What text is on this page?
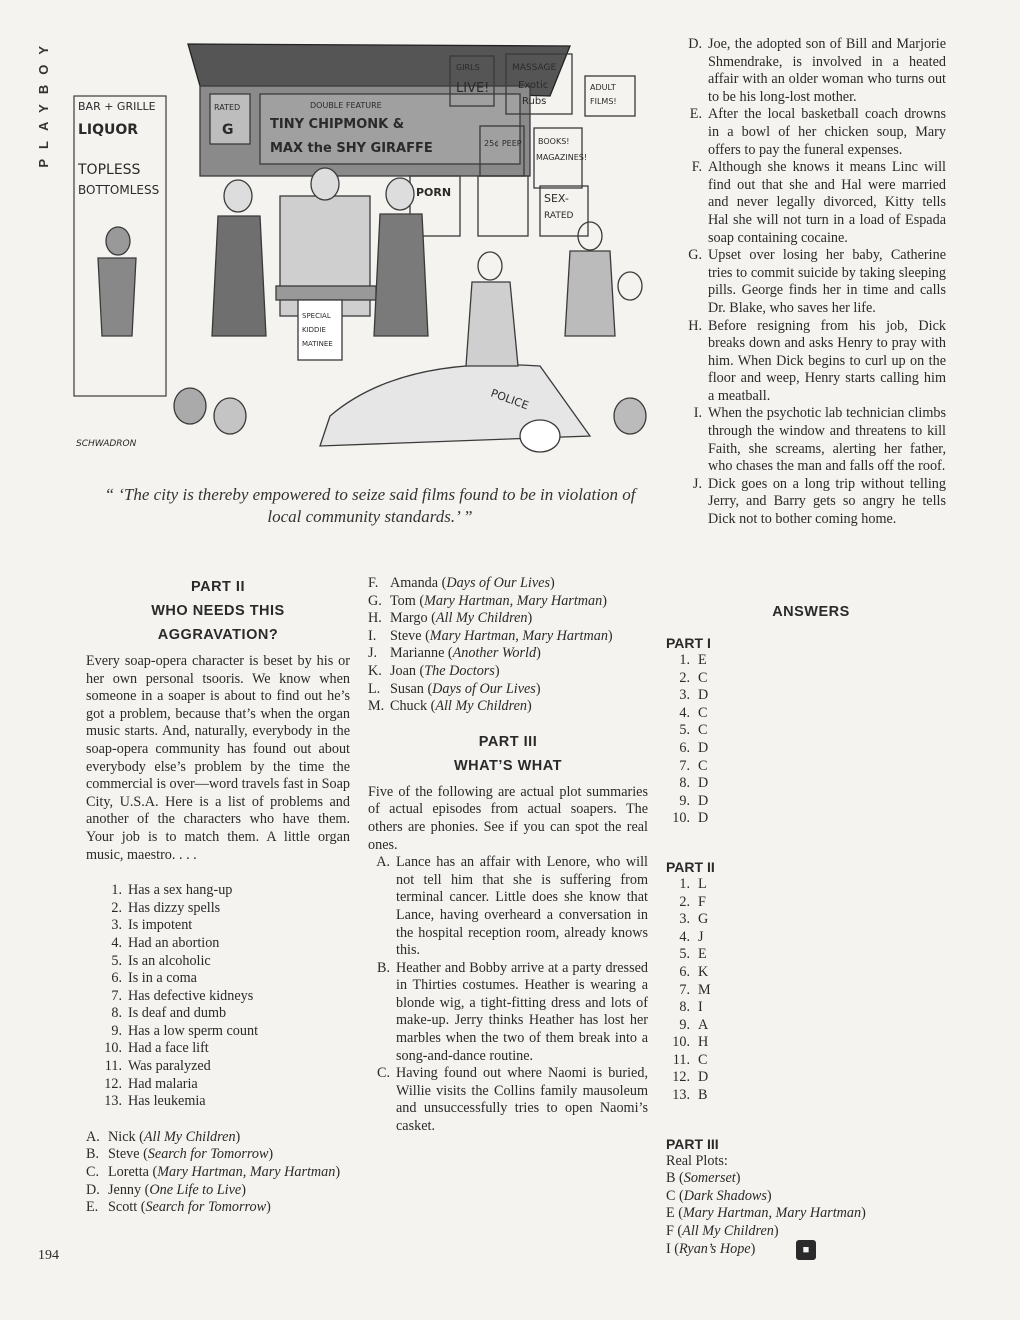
PLAYBOY	BAR + GRILLE
LIQUOR
TOPLESS
BOTTOMLESS
RATED
G
DOUBLE FEATURE
TINY CHIPMONK &
MAX the SHY GIRAFFE
GIRLS
LIVE!
MASSAGE
Exotic
Rubs
ADULT
FILMS!
25¢ PEEP BOOKS!
MAGAZINES!
PORN	SEX-
RATED
SPECIAL
KIDDIE
MATINEE
POLICE
SCHWADRON
“ ‘The city is thereby empowered to seize said films found to be in violation of local community standards.’ ”
PART II
WHO NEEDS THIS
AGGRAVATION?

Every soap-opera character is beset by his or her own personal tsooris. We know when someone in a soaper is about to find out he’s got a problem, because that’s when the organ music starts. And, naturally, everybody in the soap-opera community has found out about everybody else’s problem by the time the commercial is over—word travels fast in Soap City, U.S.A. Here is a list of problems and another of the characters who have them. Your job is to match them. A little organ music, maestro. . . .

1. Has a sex hang-up
2. Has dizzy spells
3. Is impotent
4. Had an abortion
5. Is an alcoholic
6. Is in a coma
7. Has defective kidneys
8. Is deaf and dumb
9. Has a low sperm count
10. Had a face lift
11. Was paralyzed
12. Had malaria
13. Has leukemia
A. Nick (All My Children)
B. Steve (Search for Tomorrow)
C. Loretta (Mary Hartman, Mary Hartman)
D. Jenny (One Life to Live)
E. Scott (Search for Tomorrow)
F. Amanda (Days of Our Lives)
G. Tom (Mary Hartman, Mary Hartman)
H. Margo (All My Children)
I. Steve (Mary Hartman, Mary Hartman)
J. Marianne (Another World)
K. Joan (The Doctors)
L. Susan (Days of Our Lives)
M. Chuck (All My Children)
PART III
WHAT’S WHAT

Five of the following are actual plot summaries of actual episodes from actual soapers. The others are phonies. See if you can spot the real ones.

A. Lance has an affair with Lenore, who will not tell him that she is suffering from terminal cancer. Little does she know that Lance, having overheard a conversation in the hospital reception room, already knows this.
B. Heather and Bobby arrive at a party dressed in Thirties costumes. Heather is wearing a blonde wig, a tight-fitting dress and lots of make-up. Jerry thinks Heather has lost her marbles when the two of them break into a song-and-dance routine.
C. Having found out where Naomi is buried, Willie visits the Collins family mausoleum and unsuccessfully tries to open Naomi’s casket.
D. Joe, the adopted son of Bill and Marjorie Shmendrake, is involved in a heated affair with an older woman who turns out to be his long-lost mother.
E. After the local basketball coach drowns in a bowl of her chicken soup, Mary offers to pay the funeral expenses.
F. Although she knows it means Linc will find out that she and Hal were married and never legally divorced, Kitty tells Hal she will not turn in a load of Espada soap containing cocaine.
G. Upset over losing her baby, Catherine tries to commit suicide by taking sleeping pills. George finds her in time and calls Dr. Blake, who saves her life.
H. Before resigning from his job, Dick breaks down and asks Henry to pray with him. When Dick begins to curl up on the floor and weep, Henry starts calling him a meatball.
I. When the psychotic lab technician climbs through the window and threatens to kill Faith, she screams, alerting her father, who chases the man and falls off the roof.
J. Dick goes on a long trip without telling Jerry, and Barry gets so angry he tells Dick not to bother coming home.
ANSWERS
PART I
1. E
2. C
3. D
4. C
5. C
6. D
7. C
8. D
9. D
10. D
PART II
1. L
2. F
3. G
4. J
5. E
6. K
7. M
8. I
9. A
10. H
11. C
12. D
13. B
PART III
Real Plots:
B ( Somerset )
C ( Dark Shadows )
E ( Mary Hartman, Mary Hartman )
F ( All My Children )
I ( Ryan’s Hope )
194	■
